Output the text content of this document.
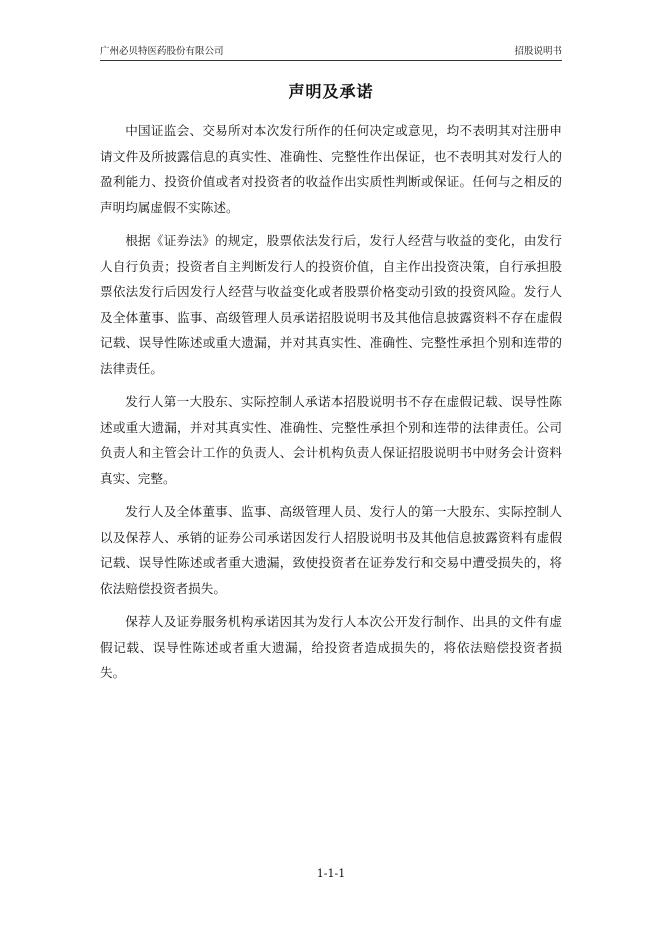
广州必贝特医药股份有限公司	招股说明书
声明及承诺

中国证监会、交易所对本次发行所作的任何决定或意见，均不表明其对注册申请文件及所披露信息的真实性、准确性、完整性作出保证，也不表明其对发行人的盈利能力、投资价值或者对投资者的收益作出实质性判断或保证。任何与之相反的声明均属虚假不实陈述。

根据《证券法》的规定，股票依法发行后，发行人经营与收益的变化，由发行人自行负责；投资者自主判断发行人的投资价值，自主作出投资决策，自行承担股票依法发行后因发行人经营与收益变化或者股票价格变动引致的投资风险。发行人及全体董事、监事、高级管理人员承诺招股说明书及其他信息披露资料不存在虚假记载、误导性陈述或重大遗漏，并对其真实性、准确性、完整性承担个别和连带的法律责任。

发行人第一大股东、实际控制人承诺本招股说明书不存在虚假记载、误导性陈述或重大遗漏，并对其真实性、准确性、完整性承担个别和连带的法律责任。公司负责人和主管会计工作的负责人、会计机构负责人保证招股说明书中财务会计资料真实、完整。

发行人及全体董事、监事、高级管理人员、发行人的第一大股东、实际控制人以及保荐人、承销的证券公司承诺因发行人招股说明书及其他信息披露资料有虚假记载、误导性陈述或者重大遗漏，致使投资者在证券发行和交易中遭受损失的，将依法赔偿投资者损失。

保荐人及证券服务机构承诺因其为发行人本次公开发行制作、出具的文件有虚假记载、误导性陈述或者重大遗漏，给投资者造成损失的，将依法赔偿投资者损失。

1-1-1
